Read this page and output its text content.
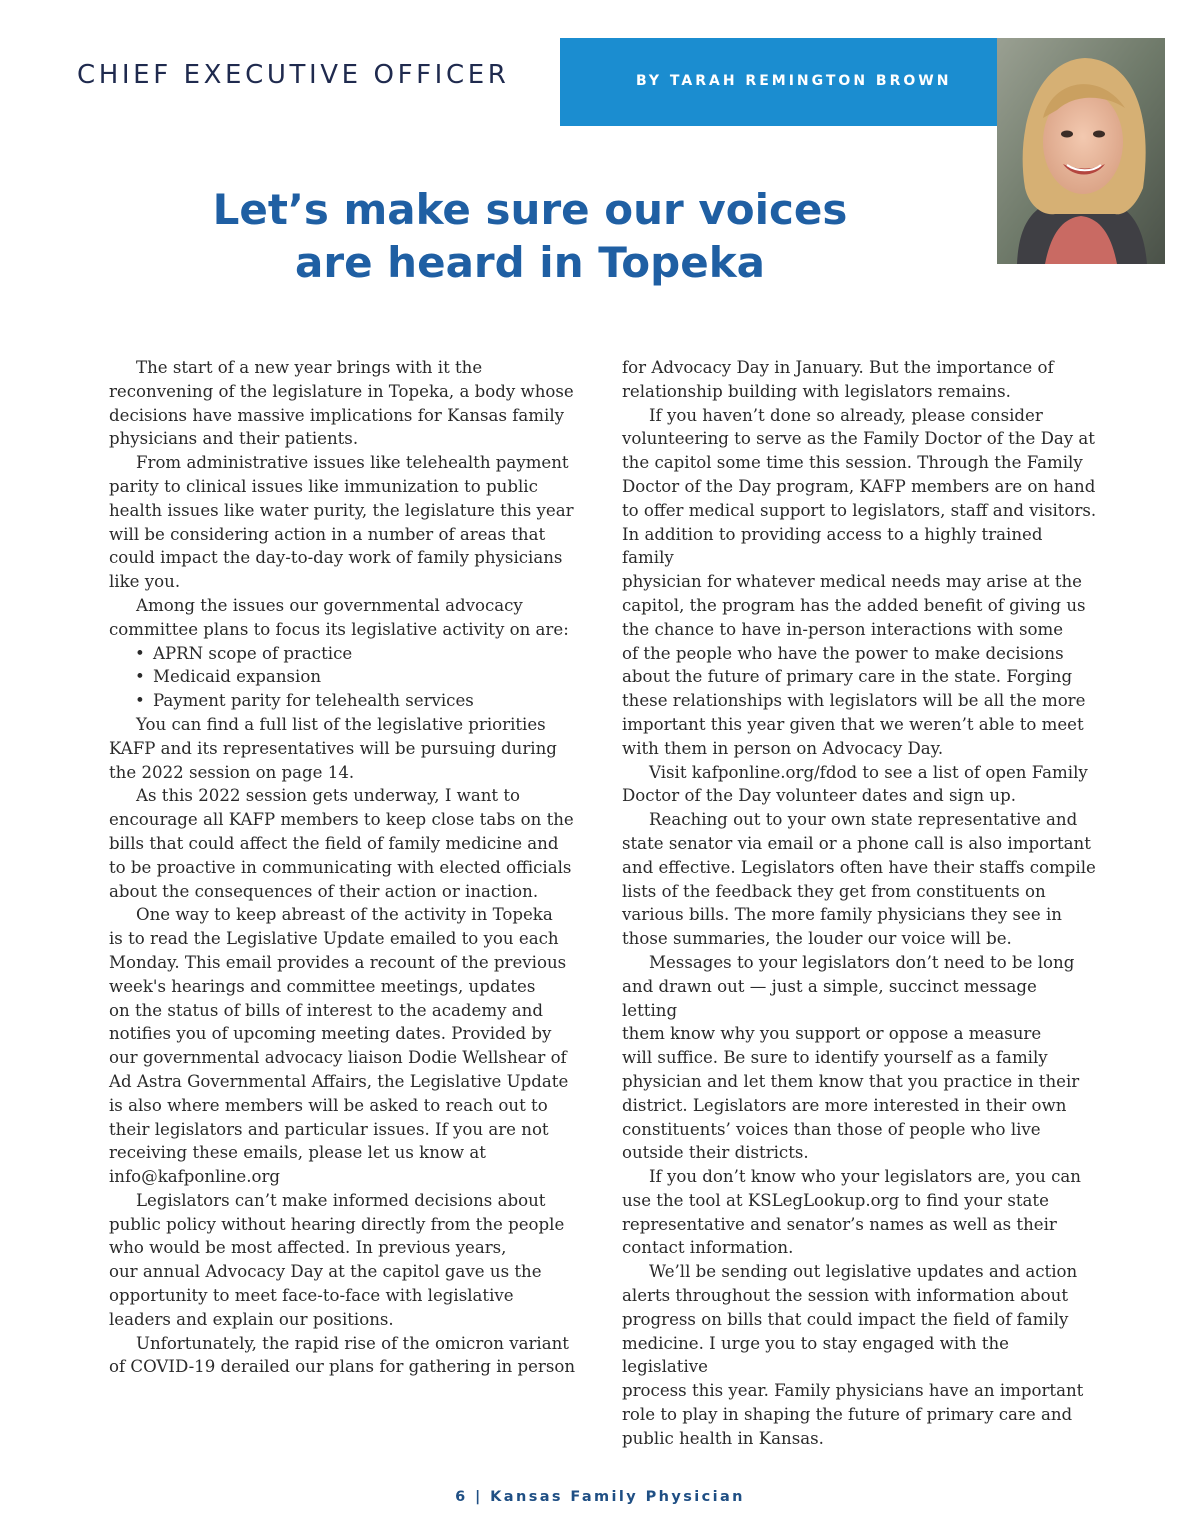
CHIEF EXECUTIVE OFFICER	BY TARAH REMINGTON BROWN
Let’s make sure our voices
are heard in Topeka

The start of a new year brings with it the
reconvening of the legislature in Topeka, a body whose
decisions have massive implications for Kansas family
physicians and their patients.

From administrative issues like telehealth payment
parity to clinical issues like immunization to public
health issues like water purity, the legislature this year
will be considering action in a number of areas that
could impact the day-to-day work of family physicians
like you.

Among the issues our governmental advocacy
committee plans to focus its legislative activity on are:

• APRN scope of practice
• Medicaid expansion
• Payment parity for telehealth services

You can find a full list of the legislative priorities
KAFP and its representatives will be pursuing during
the 2022 session on page 14.

As this 2022 session gets underway, I want to
encourage all KAFP members to keep close tabs on the
bills that could affect the field of family medicine and
to be proactive in communicating with elected officials
about the consequences of their action or inaction.

One way to keep abreast of the activity in Topeka
is to read the Legislative Update emailed to you each
Monday. This email provides a recount of the previous
week's hearings and committee meetings, updates
on the status of bills of interest to the academy and
notifies you of upcoming meeting dates. Provided by
our governmental advocacy liaison Dodie Wellshear of
Ad Astra Governmental Affairs, the Legislative Update
is also where members will be asked to reach out to
their legislators and particular issues. If you are not
receiving these emails, please let us know at
info@kafponline.org

Legislators can’t make informed decisions about
public policy without hearing directly from the people
who would be most affected. In previous years,
our annual Advocacy Day at the capitol gave us the
opportunity to meet face-to-face with legislative
leaders and explain our positions.

Unfortunately, the rapid rise of the omicron variant
of COVID-19 derailed our plans for gathering in person

for Advocacy Day in January. But the importance of
relationship building with legislators remains.

If you haven’t done so already, please consider
volunteering to serve as the Family Doctor of the Day at
the capitol some time this session. Through the Family
Doctor of the Day program, KAFP members are on hand
to offer medical support to legislators, staff and visitors.
In addition to providing access to a highly trained family
physician for whatever medical needs may arise at the
capitol, the program has the added benefit of giving us
the chance to have in-person interactions with some
of the people who have the power to make decisions
about the future of primary care in the state. Forging
these relationships with legislators will be all the more
important this year given that we weren’t able to meet
with them in person on Advocacy Day.

Visit kafponline.org/fdod to see a list of open Family
Doctor of the Day volunteer dates and sign up.

Reaching out to your own state representative and
state senator via email or a phone call is also important
and effective. Legislators often have their staffs compile
lists of the feedback they get from constituents on
various bills. The more family physicians they see in
those summaries, the louder our voice will be.

Messages to your legislators don’t need to be long
and drawn out — just a simple, succinct message letting
them know why you support or oppose a measure
will suffice. Be sure to identify yourself as a family
physician and let them know that you practice in their
district. Legislators are more interested in their own
constituents’ voices than those of people who live
outside their districts.

If you don’t know who your legislators are, you can
use the tool at KSLegLookup.org to find your state
representative and senator’s names as well as their
contact information.

We’ll be sending out legislative updates and action
alerts throughout the session with information about
progress on bills that could impact the field of family
medicine. I urge you to stay engaged with the legislative
process this year. Family physicians have an important
role to play in shaping the future of primary care and
public health in Kansas.

6 | Kansas Family Physician
